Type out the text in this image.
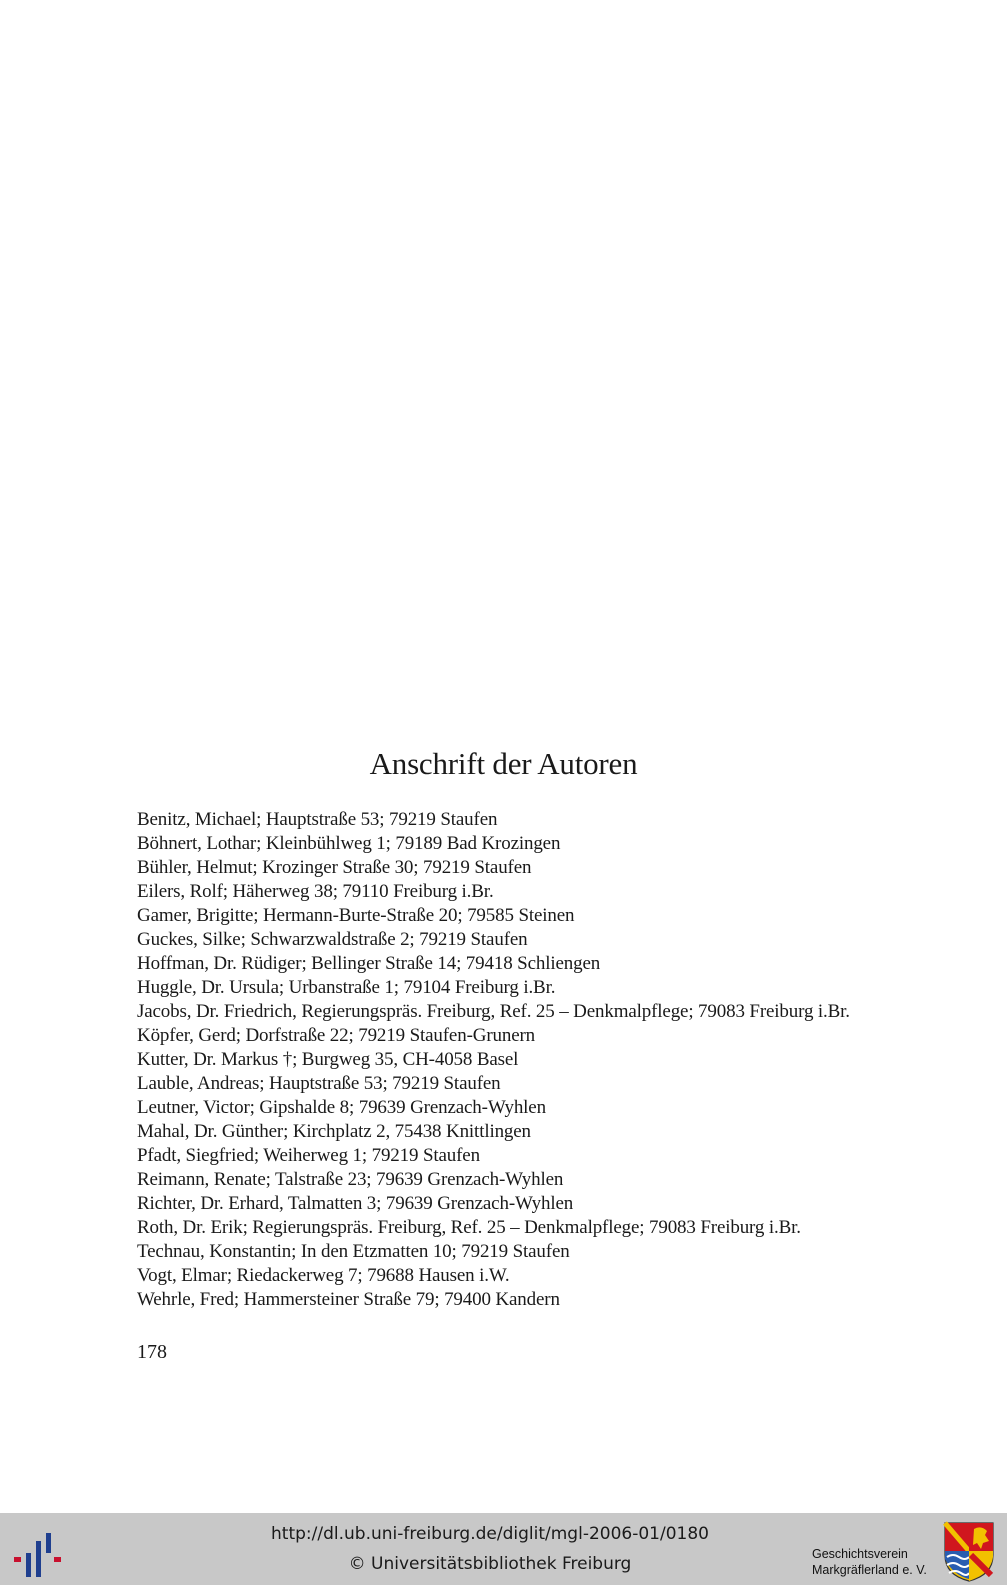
Anschrift der Autoren
Benitz, Michael; Hauptstraße 53; 79219 Staufen
Böhnert, Lothar; Kleinbühlweg 1; 79189 Bad Krozingen
Bühler, Helmut; Krozinger Straße 30; 79219 Staufen
Eilers, Rolf; Häherweg 38; 79110 Freiburg i.Br.
Gamer, Brigitte; Hermann-Burte-Straße 20; 79585 Steinen
Guckes, Silke; Schwarzwaldstraße 2; 79219 Staufen
Hoffman, Dr. Rüdiger; Bellinger Straße 14; 79418 Schliengen
Huggle, Dr. Ursula; Urbanstraße 1; 79104 Freiburg i.Br.
Jacobs, Dr. Friedrich, Regierungspräs. Freiburg, Ref. 25 – Denkmalpflege; 79083 Freiburg i.Br.
Köpfer, Gerd; Dorfstraße 22; 79219 Staufen-Grunern
Kutter, Dr. Markus †; Burgweg 35, CH-4058 Basel
Lauble, Andreas; Hauptstraße 53; 79219 Staufen
Leutner, Victor; Gipshalde 8; 79639 Grenzach-Wyhlen
Mahal, Dr. Günther; Kirchplatz 2, 75438 Knittlingen
Pfadt, Siegfried; Weiherweg 1; 79219 Staufen
Reimann, Renate; Talstraße 23; 79639 Grenzach-Wyhlen
Richter, Dr. Erhard, Talmatten 3; 79639 Grenzach-Wyhlen
Roth, Dr. Erik; Regierungspräs. Freiburg, Ref. 25 – Denkmalpflege; 79083 Freiburg i.Br.
Technau, Konstantin; In den Etzmatten 10; 79219 Staufen
Vogt, Elmar; Riedackerweg 7; 79688 Hausen i.W.
Wehrle, Fred; Hammersteiner Straße 79; 79400 Kandern
178
http://dl.ub.uni-freiburg.de/diglit/mgl-2006-01/0180
© Universitätsbibliothek Freiburg	Geschichtsverein
Markgräflerland e. V.
